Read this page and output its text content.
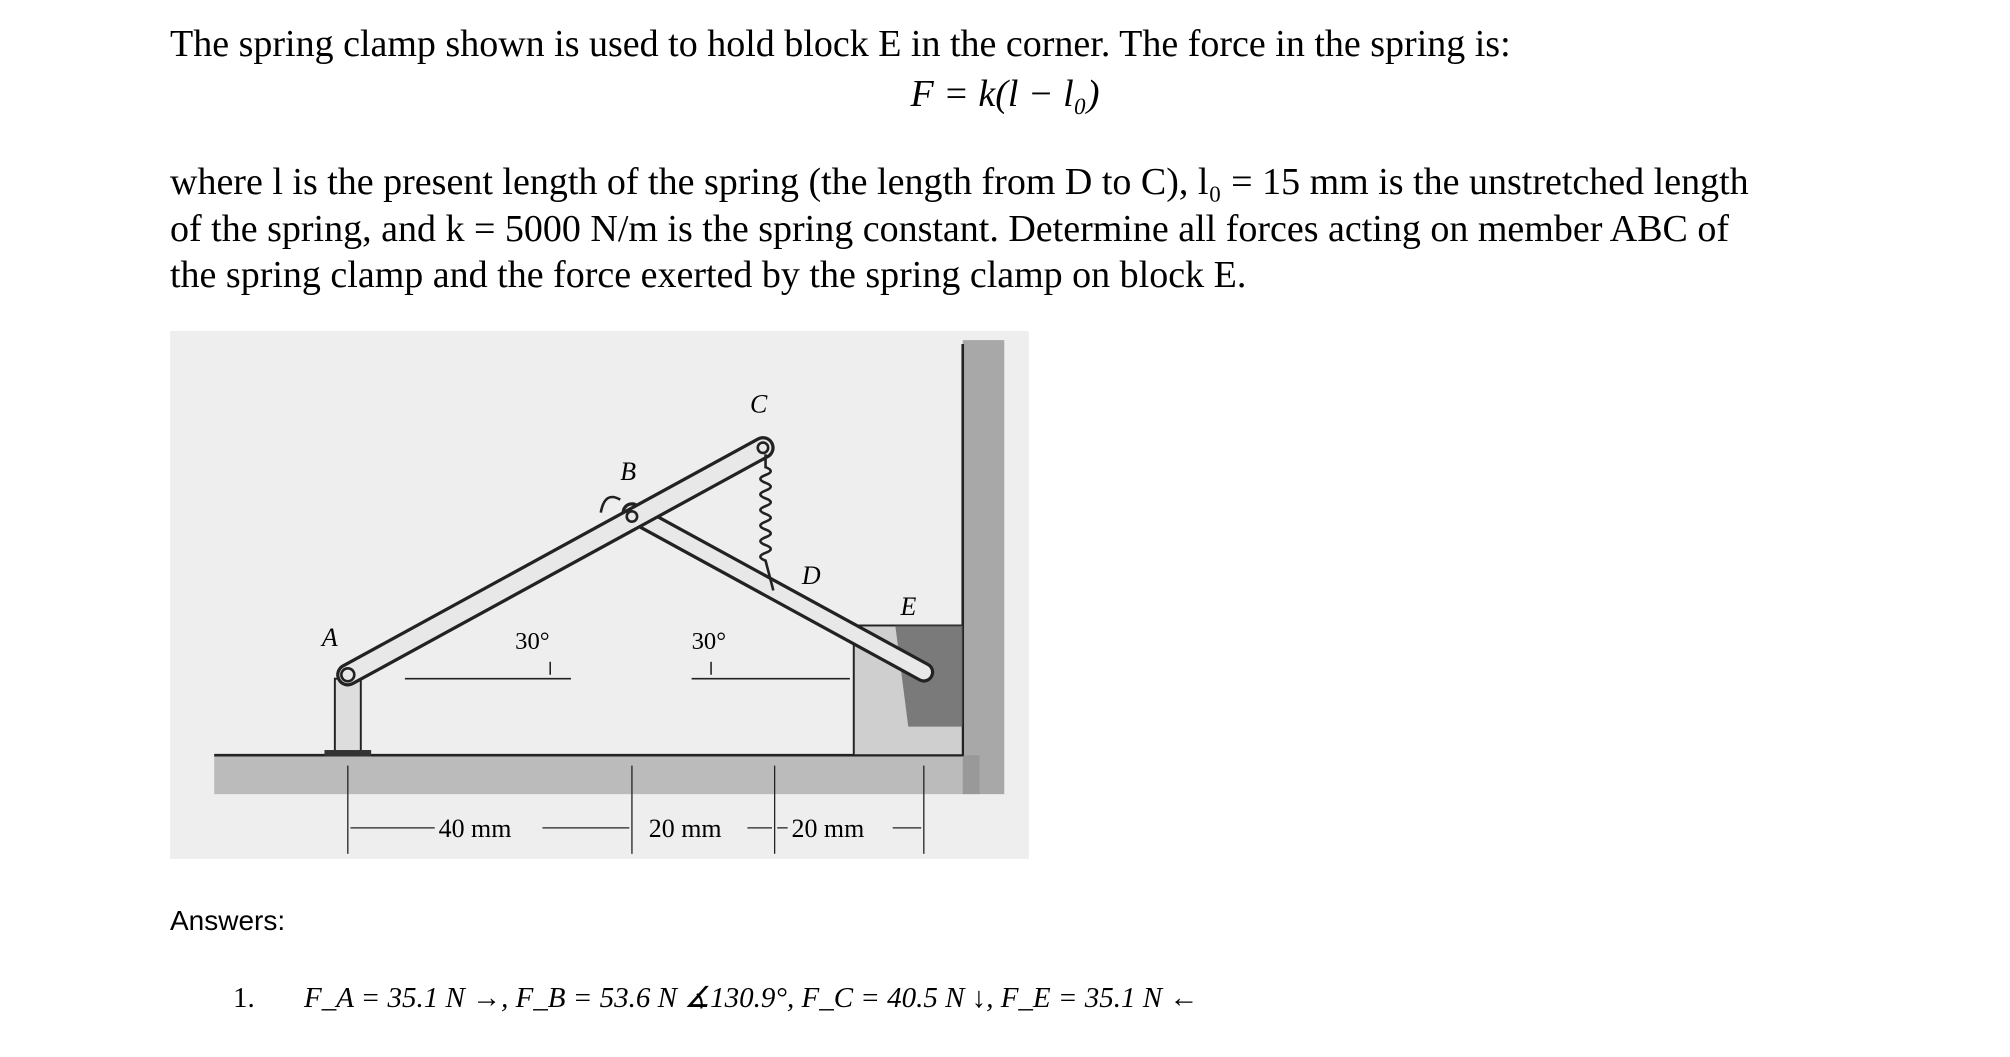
The spring clamp shown is used to hold block E in the corner. The force in the spring is:
F = k(l − l₀)
where l is the present length of the spring (the length from D to C), l₀ = 15 mm is the unstretched length
of the spring, and k = 5000 N/m is the spring constant. Determine all forces acting on member ABC of
the spring clamp and the force exerted by the spring clamp on block E.
A
B
C
D
E
30°	30°
40 mm	20 mm	20 mm
Answers:
1. F_A = 35.1 N →, F_B = 53.6 N ∡130.9°, F_C = 40.5 N ↓, F_E = 35.1 N ←
